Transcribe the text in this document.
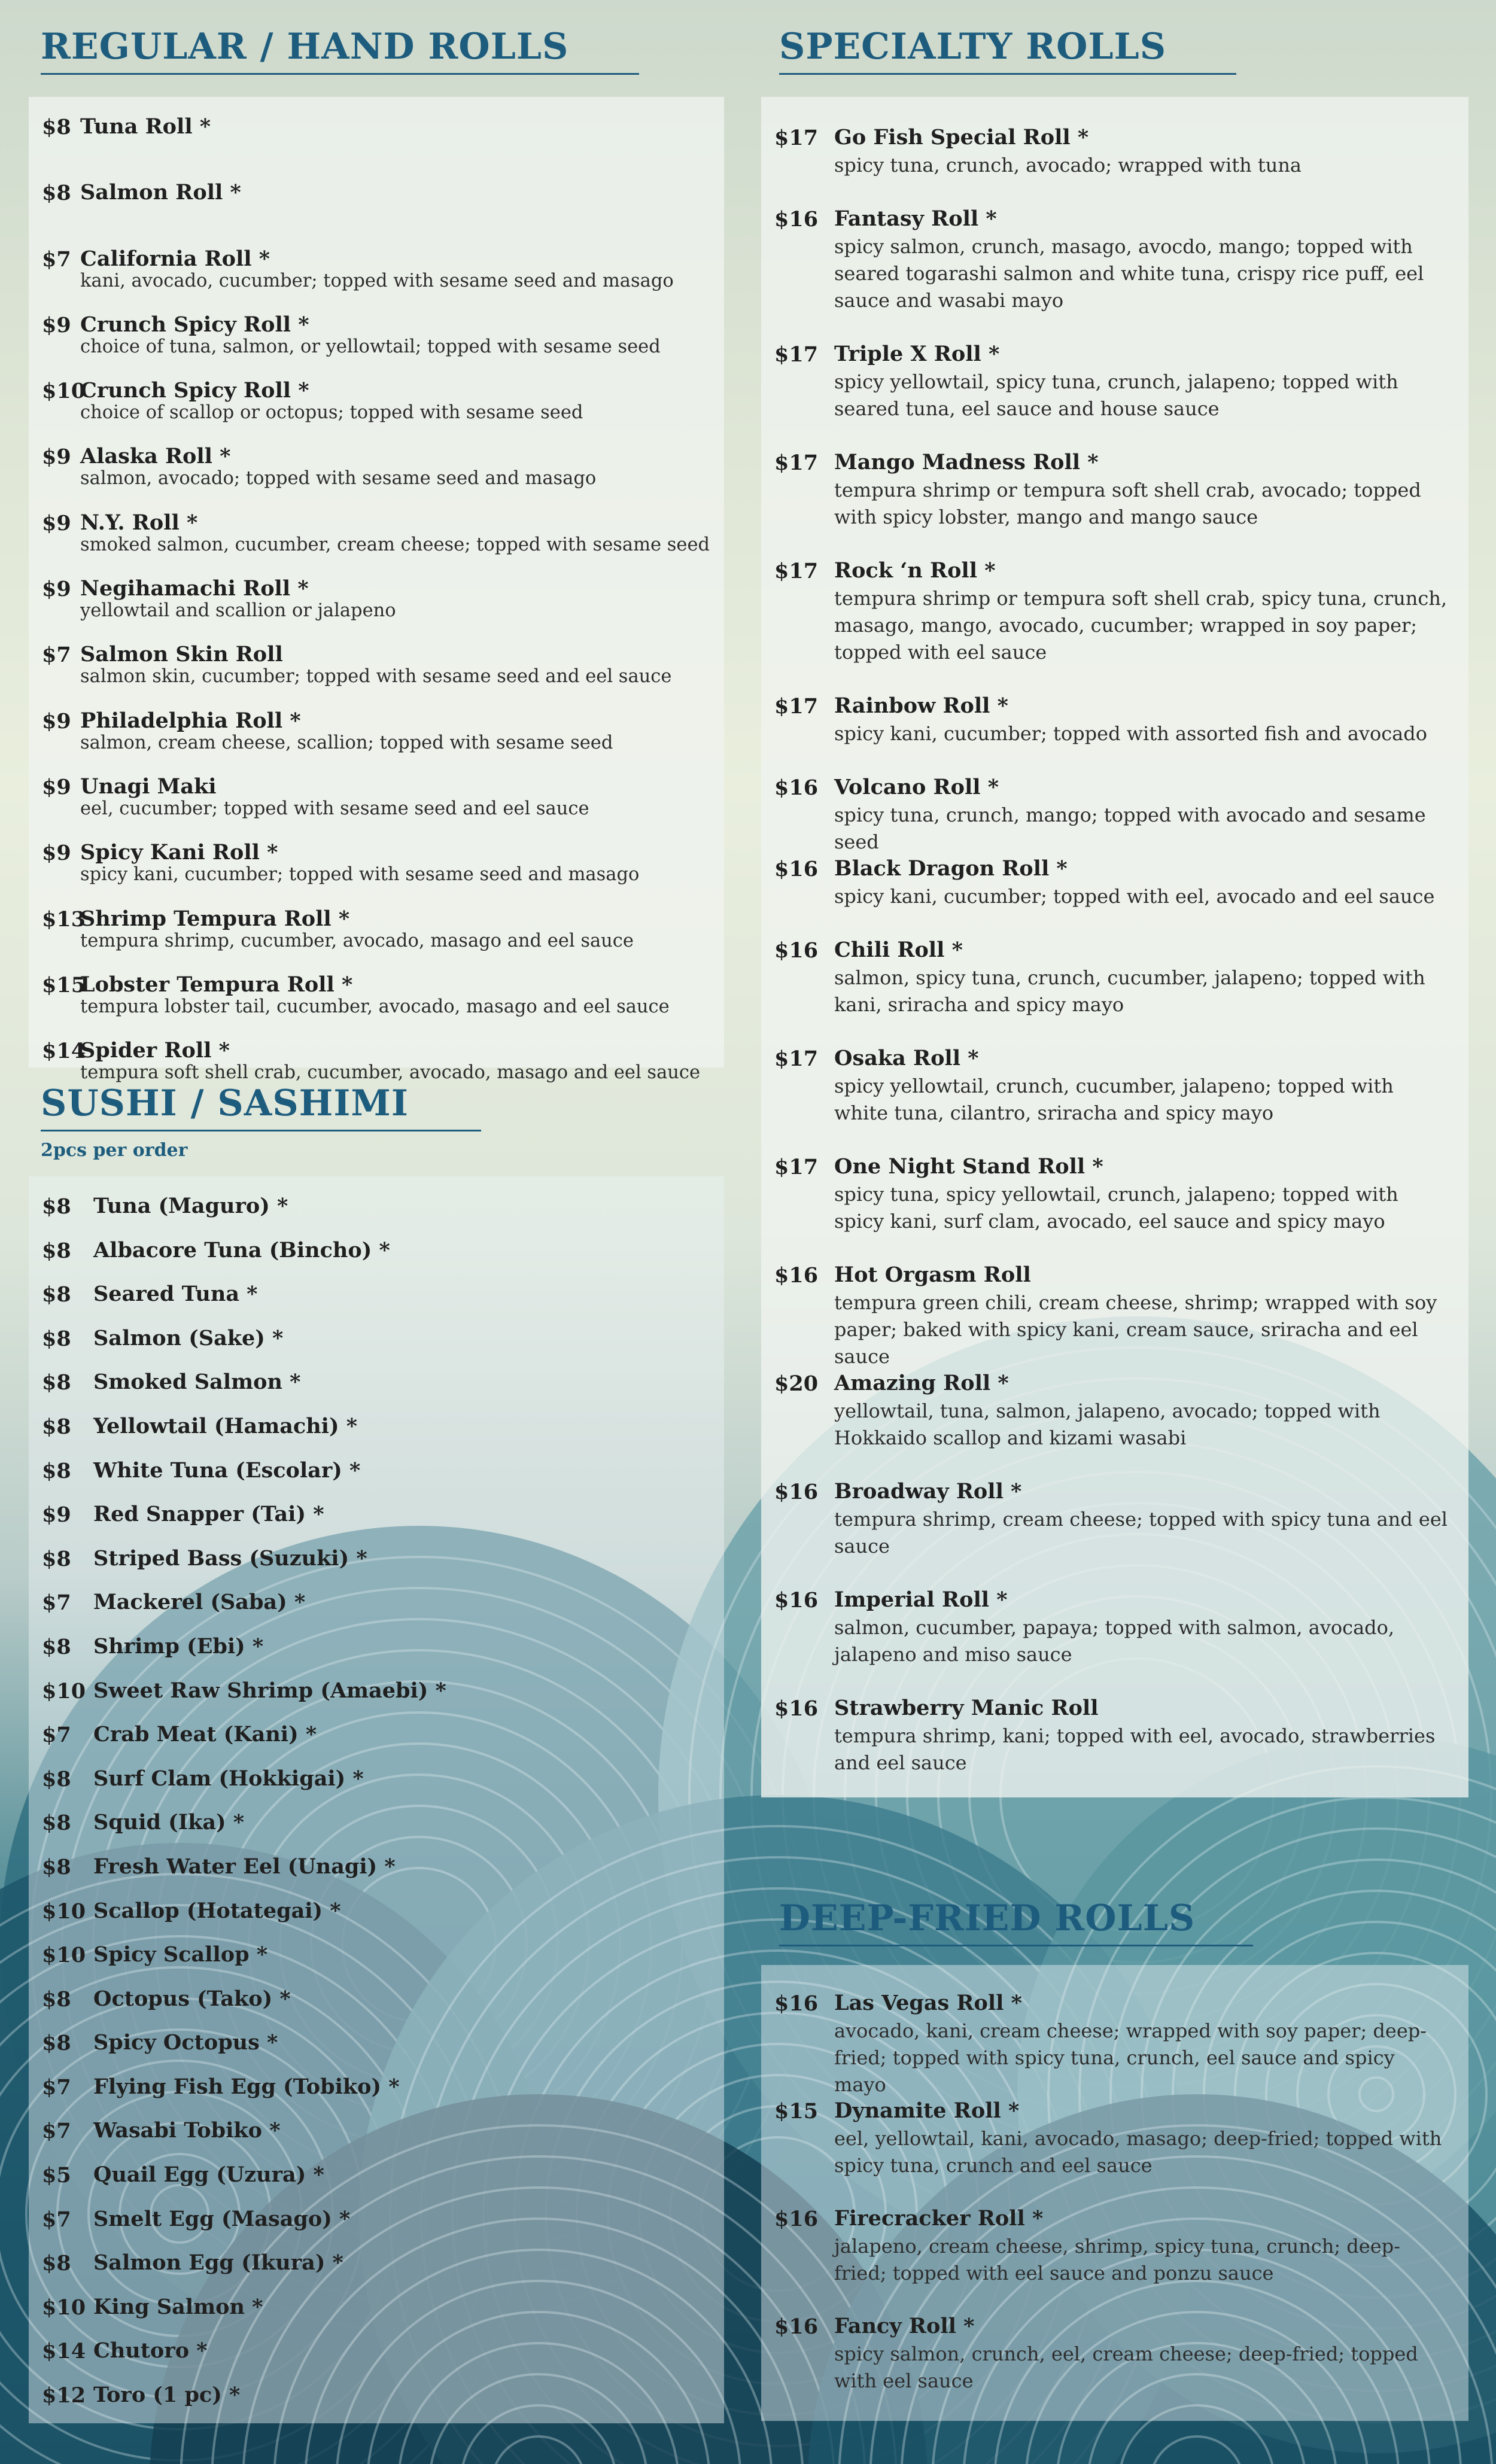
REGULAR / HAND ROLLS
$8 Tuna Roll *
$8 Salmon Roll *
$7 California Roll *
kani, avocado, cucumber; topped with sesame seed and masago
$9 Crunch Spicy Roll *
choice of tuna, salmon, or yellowtail; topped with sesame seed
$10
Crunch Spicy Roll *
choice of scallop or octopus; topped with sesame seed
$9 Alaska Roll *
salmon, avocado; topped with sesame seed and masago
$9 N.Y. Roll *
smoked salmon, cucumber, cream cheese; topped with sesame seed
$9 Negihamachi Roll *
yellowtail and scallion or jalapeno
$7 Salmon Skin Roll
salmon skin, cucumber; topped with sesame seed and eel sauce
$9 Philadelphia Roll *
salmon, cream cheese, scallion; topped with sesame seed
$9 Unagi Maki
eel, cucumber; topped with sesame seed and eel sauce
$9 Spicy Kani Roll *
spicy kani, cucumber; topped with sesame seed and masago
$13
Shrimp Tempura Roll *
tempura shrimp, cucumber, avocado, masago and eel sauce
$15
Lobster Tempura Roll *
tempura lobster tail, cucumber, avocado, masago and eel sauce
$14
Spider Roll *
tempura soft shell crab, cucumber, avocado, masago and eel sauce
SUSHI / SASHIMI
2pcs per order
$8 Tuna (Maguro) *
$8 Albacore Tuna (Bincho) *
$8 Seared Tuna *
$8 Salmon (Sake) *
$8 Smoked Salmon *
$8 Yellowtail (Hamachi) *
$8 White Tuna (Escolar) *
$9 Red Snapper (Tai) *
$8 Striped Bass (Suzuki) *
$7 Mackerel (Saba) *
$8 Shrimp (Ebi) *
$10 Sweet Raw Shrimp (Amaebi) *
$7 Crab Meat (Kani) *
$8 Surf Clam (Hokkigai) *
$8 Squid (Ika) *
$8 Fresh Water Eel (Unagi) *
$10 Scallop (Hotategai) *
$10 Spicy Scallop *
$8 Octopus (Tako) *
$8 Spicy Octopus *
$7 Flying Fish Egg (Tobiko) *
$7 Wasabi Tobiko *
$5 Quail Egg (Uzura) *
$7 Smelt Egg (Masago) *
$8 Salmon Egg (Ikura) *
$10 King Salmon *
$14 Chutoro *
$12 Toro (1 pc) *
SPECIALTY ROLLS
$17 Go Fish Special Roll *
spicy tuna, crunch, avocado; wrapped with tuna
$16 Fantasy Roll *
spicy salmon, crunch, masago, avocdo, mango; topped with seared togarashi salmon and white tuna, crispy rice puff, eel sauce and wasabi mayo
$17 Triple X Roll *
spicy yellowtail, spicy tuna, crunch, jalapeno; topped with seared tuna, eel sauce and house sauce
$17 Mango Madness Roll *
tempura shrimp or tempura soft shell crab, avocado; topped with spicy lobster, mango and mango sauce
$17 Rock ‘n Roll *
tempura shrimp or tempura soft shell crab, spicy tuna, crunch, masago, mango, avocado, cucumber; wrapped in soy paper; topped with eel sauce
$17 Rainbow Roll *
spicy kani, cucumber; topped with assorted fish and avocado
$16 Volcano Roll *
spicy tuna, crunch, mango; topped with avocado and sesame seed
$16 Black Dragon Roll *
spicy kani, cucumber; topped with eel, avocado and eel sauce
$16 Chili Roll *
salmon, spicy tuna, crunch, cucumber, jalapeno; topped with kani, sriracha and spicy mayo
$17 Osaka Roll *
spicy yellowtail, crunch, cucumber, jalapeno; topped with white tuna, cilantro, sriracha and spicy mayo
$17 One Night Stand Roll *
spicy tuna, spicy yellowtail, crunch, jalapeno; topped with spicy kani, surf clam, avocado, eel sauce and spicy mayo
$16 Hot Orgasm Roll
tempura green chili, cream cheese, shrimp; wrapped with soy paper; baked with spicy kani, cream sauce, sriracha and eel sauce
$20 Amazing Roll *
yellowtail, tuna, salmon, jalapeno, avocado; topped with Hokkaido scallop and kizami wasabi
$16 Broadway Roll *
tempura shrimp, cream cheese; topped with spicy tuna and eel sauce
$16 Imperial Roll *
salmon, cucumber, papaya; topped with salmon, avocado, jalapeno and miso sauce
$16 Strawberry Manic Roll
tempura shrimp, kani; topped with eel, avocado, strawberries and eel sauce
DEEP-FRIED ROLLS
$16 Las Vegas Roll *
avocado, kani, cream cheese; wrapped with soy paper; deep-fried; topped with spicy tuna, crunch, eel sauce and spicy mayo
$15 Dynamite Roll *
eel, yellowtail, kani, avocado, masago; deep-fried; topped with spicy tuna, crunch and eel sauce
$16 Firecracker Roll *
jalapeno, cream cheese, shrimp, spicy tuna, crunch; deep-fried; topped with eel sauce and ponzu sauce
$16 Fancy Roll *
spicy salmon, crunch, eel, cream cheese; deep-fried; topped with eel sauce
